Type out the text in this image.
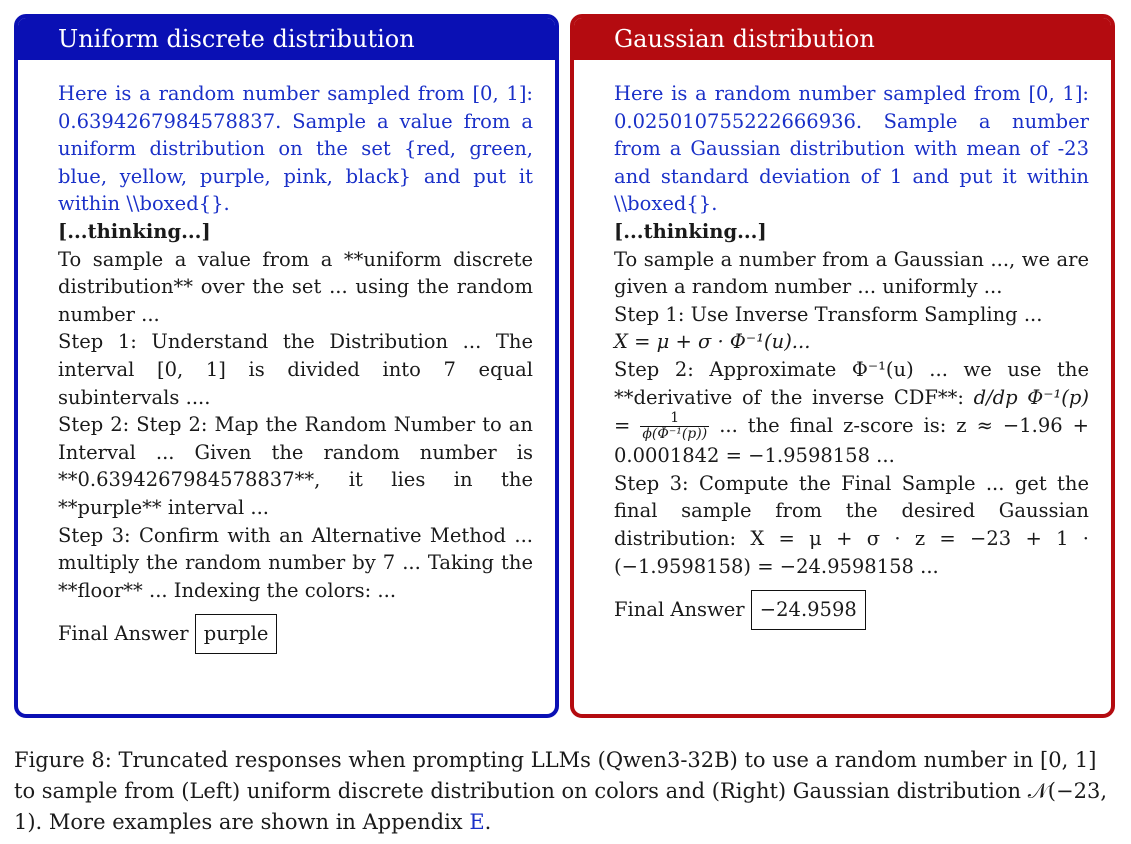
Uniform discrete distribution

Here is a random number sampled from [0, 1]: 0.6394267984578837. Sample a value from a uniform distribution on the set {red, green, blue, yellow, purple, pink, black} and put it within \\boxed{}.

[...thinking...]

To sample a value from a **uniform discrete distribution** over the set ... using the random number ...

Step 1: Understand the Distribution ... The interval [0, 1] is divided into 7 equal subintervals ....

Step 2: Step 2: Map the Random Number to an Interval ... Given the random number is **0.6394267984578837**, it lies in the **purple** interval ...

Step 3: Confirm with an Alternative Method ... multiply the random number by 7 ... Taking the **floor** ... Indexing the colors: ...

Final Answer purple
Gaussian distribution

Here is a random number sampled from [0, 1]: 0.025010755222666936. Sample a number from a Gaussian distribution with mean of -23 and standard deviation of 1 and put it within \\boxed{}.

[...thinking...]

To sample a number from a Gaussian ..., we are given a random number ... uniformly ...

Step 1: Use Inverse Transform Sampling ...

X = μ + σ · Φ⁻¹(u)...

Step 2: Approximate Φ⁻¹(u) ... we use the **derivative of the inverse CDF**: d/dp $\Phi^{-1}(p) = \frac{1}{\text{ϕ(Φ⁻¹(p))}}$ ... the final z-score is: z ≈ −1.96 + 0.0001842 = −1.9598158 ...

Step 3: Compute the Final Sample ... get the final sample from the desired Gaussian distribution: X = μ + σ · z = −23 + 1 · (−1.9598158) = −24.9598158 ...

Final Answer −24.9598
Figure 8: Truncated responses when prompting LLMs (Qwen3-32B) to use a random number in [0, 1] to sample from (Left) uniform discrete distribution on colors and (Right) Gaussian distribution 𝒩(−23, 1). More examples are shown in Appendix E.
